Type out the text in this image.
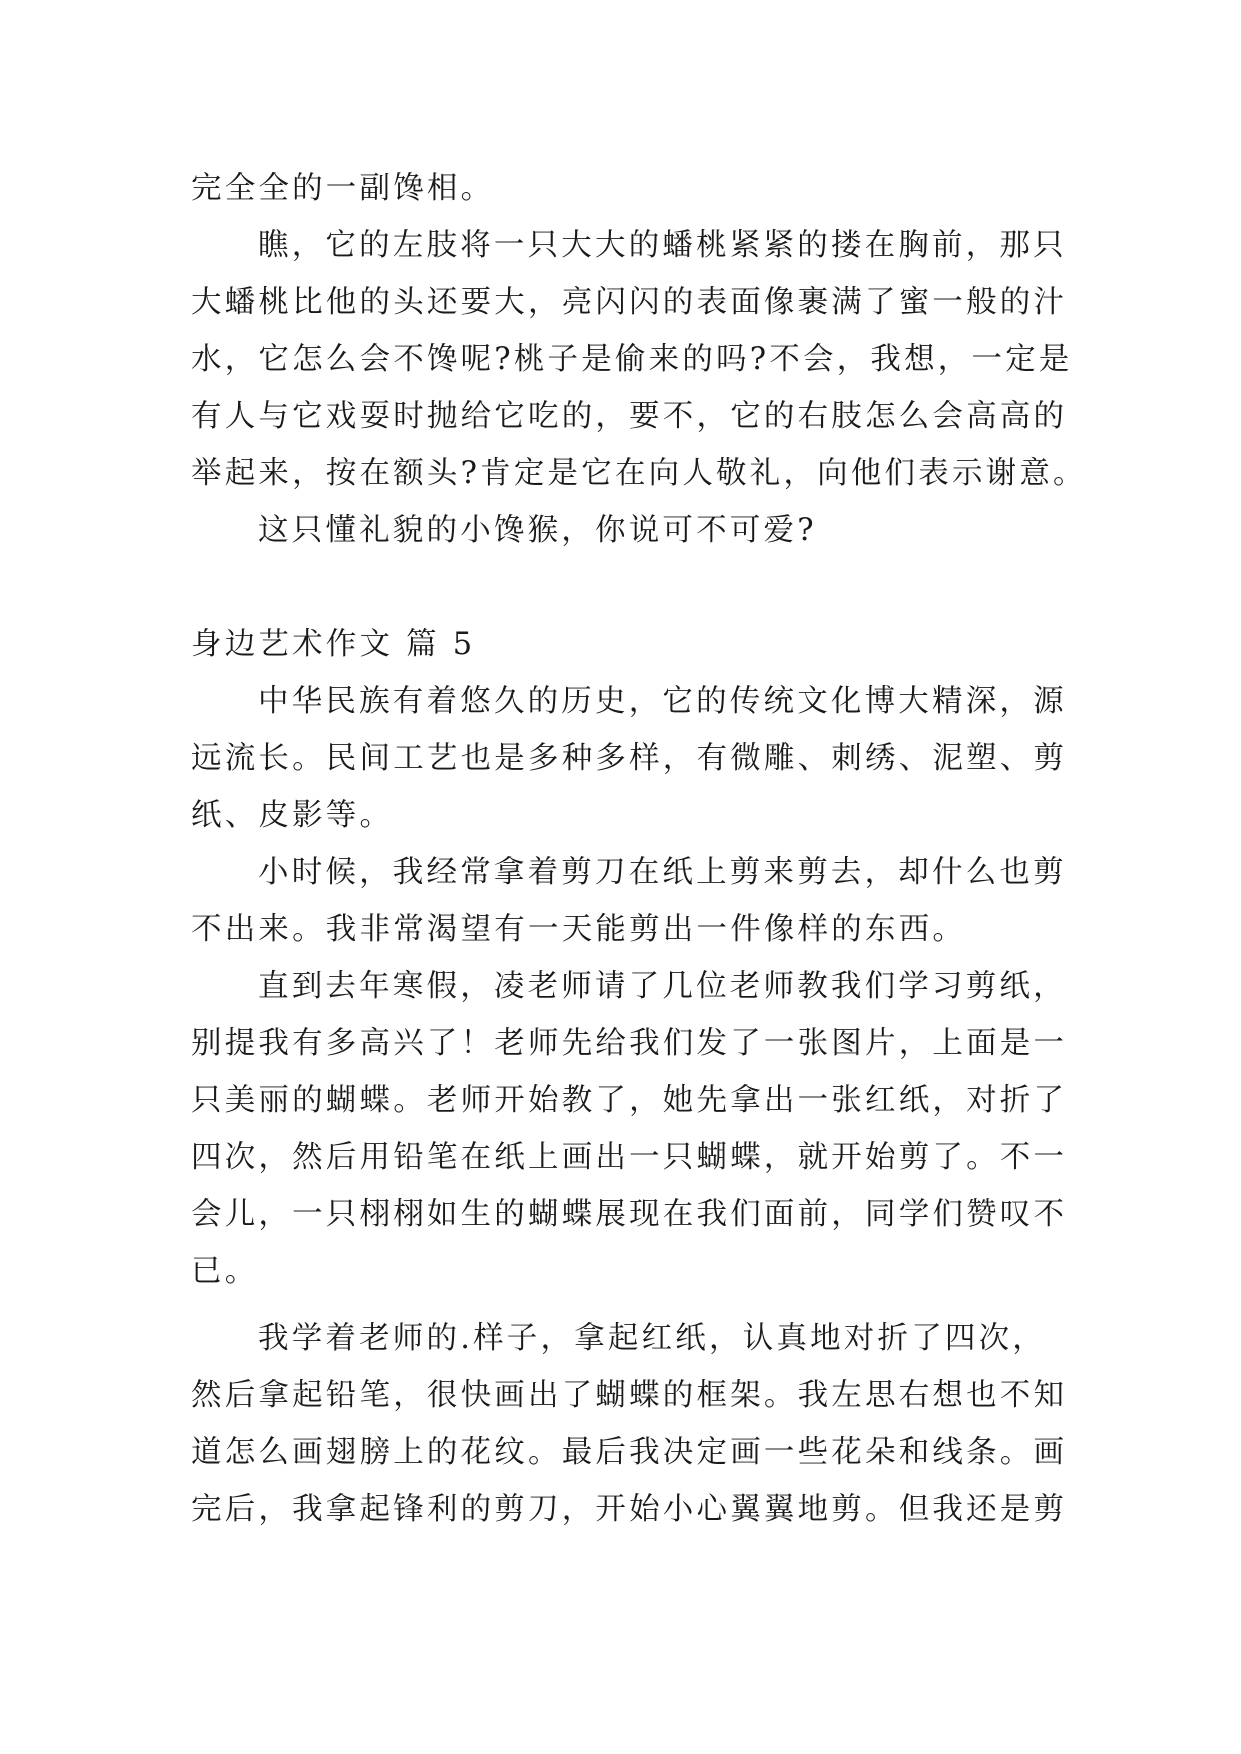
完全全的一副馋相。
瞧，它的左肢将一只大大的蟠桃紧紧的搂在胸前，那只
大蟠桃比他的头还要大，亮闪闪的表面像裹满了蜜一般的汁
水，它怎么会不馋呢?桃子是偷来的吗?不会，我想，一定是
有人与它戏耍时抛给它吃的，要不，它的右肢怎么会高高的
举起来，按在额头?肯定是它在向人敬礼，向他们表示谢意。
这只懂礼貌的小馋猴，你说可不可爱?
身边艺术作文 篇 5
中华民族有着悠久的历史，它的传统文化博大精深，源
远流长。民间工艺也是多种多样，有微雕、刺绣、泥塑、剪
纸、皮影等。
小时候，我经常拿着剪刀在纸上剪来剪去，却什么也剪
不出来。我非常渴望有一天能剪出一件像样的东西。
直到去年寒假，凌老师请了几位老师教我们学习剪纸，
别提我有多高兴了！老师先给我们发了一张图片，上面是一
只美丽的蝴蝶。老师开始教了，她先拿出一张红纸，对折了
四次，然后用铅笔在纸上画出一只蝴蝶，就开始剪了。不一
会儿，一只栩栩如生的蝴蝶展现在我们面前，同学们赞叹不
已。
我学着老师的.样子，拿起红纸，认真地对折了四次，
然后拿起铅笔，很快画出了蝴蝶的框架。我左思右想也不知
道怎么画翅膀上的花纹。最后我决定画一些花朵和线条。画
完后，我拿起锋利的剪刀，开始小心翼翼地剪。但我还是剪
